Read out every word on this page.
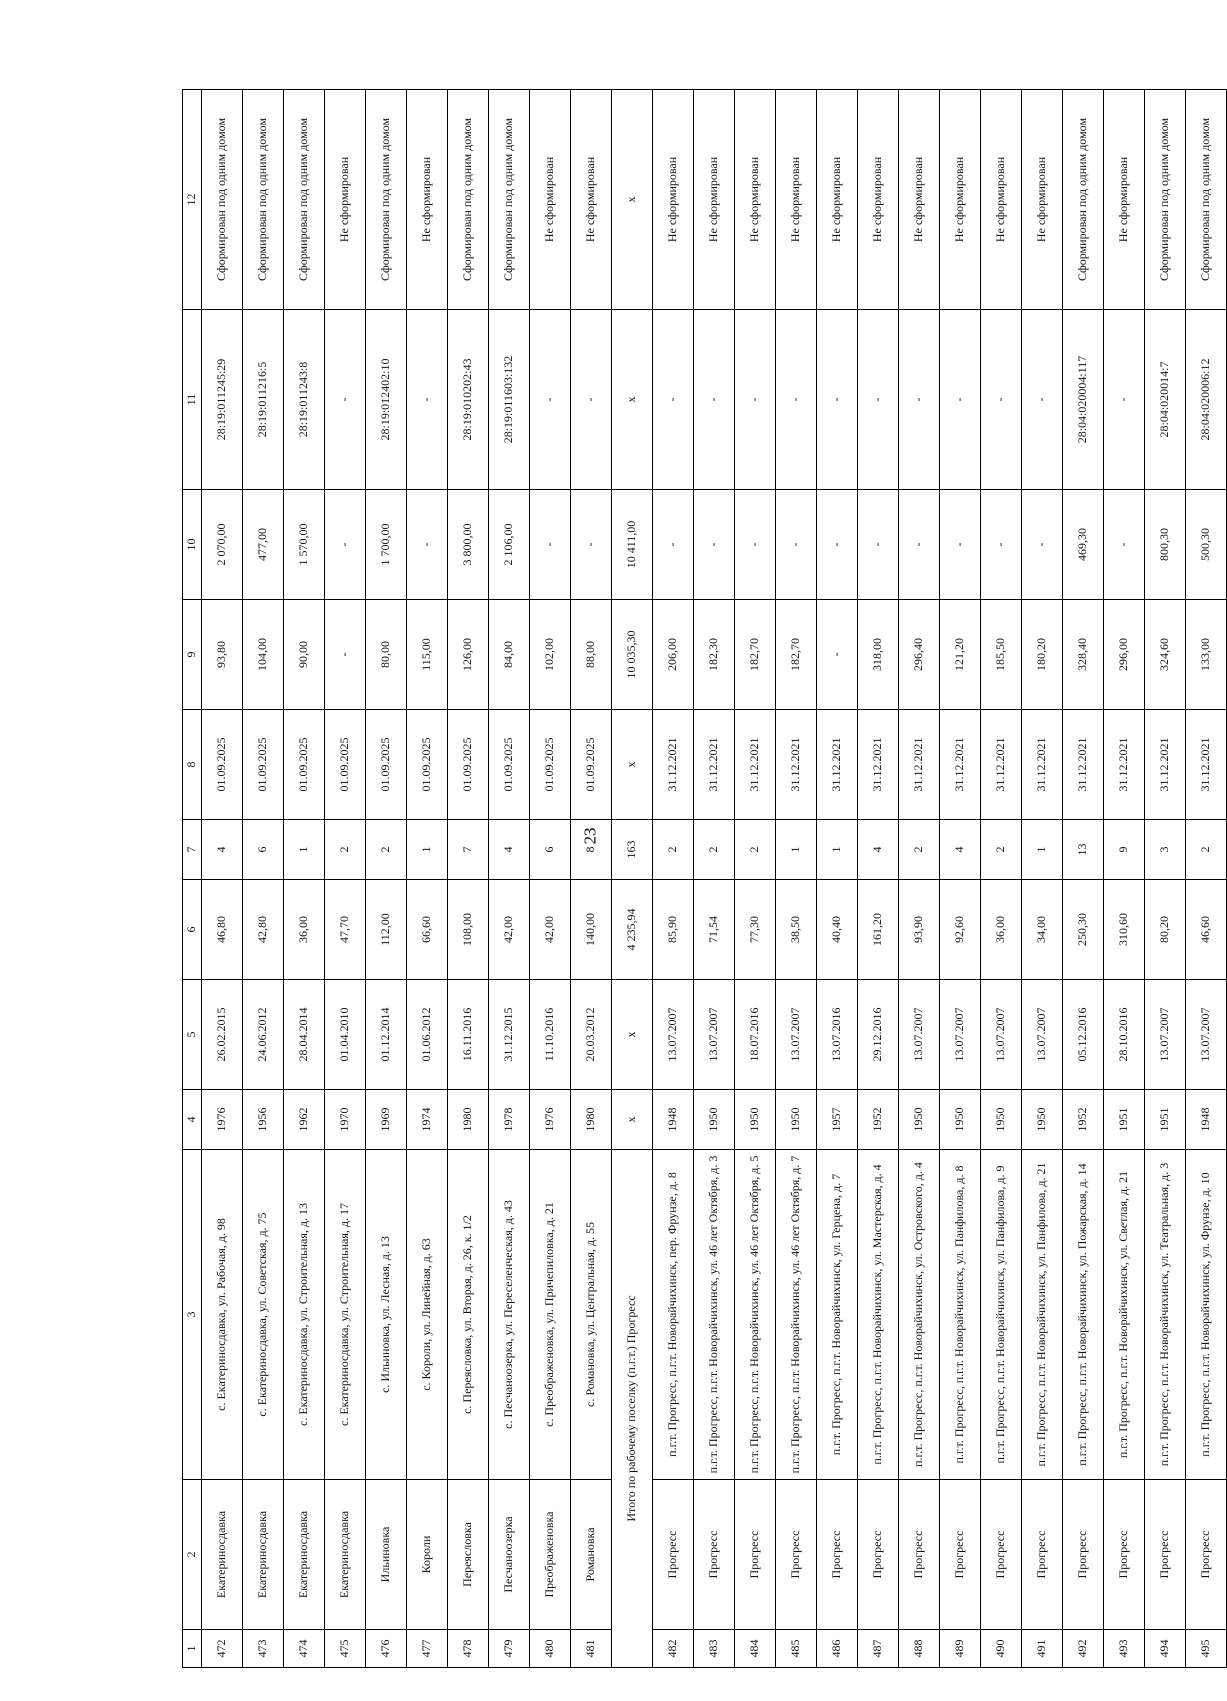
23
1	2	3	4	5	6	7	8	9	10	11	12
472	Екатериносдавка	с. Екатериносдавка, ул. Рабочая, д. 98	1976	26.02.2015	46,80	4	01.09.2025	93,80	2 070,00	28:19:011245:29	Сформирован под одним домом
473	Екатериносдавка	с. Екатериносдавка, ул. Советская, д. 75	1956	24.06.2012	42,80	6	01.09.2025	104,00	477,00	28:19:011216:5	Сформирован под одним домом
474	Екатериносдавка	с. Екатериносдавка, ул. Строительная, д. 13	1962	28.04.2014	36,00	1	01.09.2025	90,00	1 570,00	28:19:011243:8	Сформирован под одним домом
475	Екатериносдавка	с. Екатериносдавка, ул. Строительная, д. 17	1970	01.04.2010	47,70	2	01.09.2025	-	-	-	Не сформирован
476	Ильиновка	с. Ильиновка, ул. Лесная, д. 13	1969	01.12.2014	112,00	2	01.09.2025	80,00	1 700,00	28:19:012402:10	Сформирован под одним домом
477	Короли	с. Короли, ул. Линейная, д. 63	1974	01.06.2012	66,60	1	01.09.2025	115,00	-	-	Не сформирован
478	Переясловка	с. Переясловка, ул. Вторая, д. 26, к. 1/2	1980	16.11.2016	108,00	7	01.09.2025	126,00	3 800,00	28:19:010202:43	Сформирован под одним домом
479	Песчаноозерка	с. Песчаноозерка, ул. Переселенческая, д. 43	1978	31.12.2015	42,00	4	01.09.2025	84,00	2 106,00	28:19:011603:132	Сформирован под одним домом
480	Преображеновка	с. Преображеновка, ул. Причепиловка, д. 21	1976	11.10.2016	42,00	6	01.09.2025	102,00	-	-	Не сформирован
481	Романовка	с. Романовка, ул. Центральная, д. 55	1980	20.03.2012	140,00	8	01.09.2025	88,00	-	-	Не сформирован
Итого по рабочему поселку (п.г.т.) Прогресс			x	x	4 235,94	163	x	10 035,30	10 411,00	x	x
482	Прогресс	п.г.т. Прогресс, п.г.т. Новорайчихинск, пер. Фрунзе, д. 8	1948	13.07.2007	85,90	2	31.12.2021	206,00	-	-	Не сформирован
483	Прогресс	п.г.т. Прогресс, п.г.т. Новорайчихинск, ул. 46 лет Октября, д. 3	1950	13.07.2007	71,54	2	31.12.2021	182,30	-	-	Не сформирован
484	Прогресс	п.г.т. Прогресс, п.г.т. Новорайчихинск, ул. 46 лет Октября, д. 5	1950	18.07.2016	77,30	2	31.12.2021	182,70	-	-	Не сформирован
485	Прогресс	п.г.т. Прогресс, п.г.т. Новорайчихинск, ул. 46 лет Октября, д. 7	1950	13.07.2007	38,50	1	31.12.2021	182,70	-	-	Не сформирован
486	Прогресс	п.г.т. Прогресс, п.г.т. Новорайчихинск, ул. Герцена, д. 7	1957	13.07.2016	40,40	1	31.12.2021	-	-	-	Не сформирован
487	Прогресс	п.г.т. Прогресс, п.г.т. Новорайчихинск, ул. Мастерская, д. 4	1952	29.12.2016	161,20	4	31.12.2021	318,00	-	-	Не сформирован
488	Прогресс	п.г.т. Прогресс, п.г.т. Новорайчихинск, ул. Островского, д. 4	1950	13.07.2007	93,90	2	31.12.2021	296,40	-	-	Не сформирован
489	Прогресс	п.г.т. Прогресс, п.г.т. Новорайчихинск, ул. Панфилова, д. 8	1950	13.07.2007	92,60	4	31.12.2021	121,20	-	-	Не сформирован
490	Прогресс	п.г.т. Прогресс, п.г.т. Новорайчихинск, ул. Панфилова, д. 9	1950	13.07.2007	36,00	2	31.12.2021	185,50	-	-	Не сформирован
491	Прогресс	п.г.т. Прогресс, п.г.т. Новорайчихинск, ул. Панфилова, д. 21	1950	13.07.2007	34,00	1	31.12.2021	180,20	-	-	Не сформирован
492	Прогресс	п.г.т. Прогресс, п.г.т. Новорайчихинск, ул. Пожарская, д. 14	1952	05.12.2016	250,30	13	31.12.2021	328,40	469,30	28:04:020004:117	Сформирован под одним домом
493	Прогресс	п.г.т. Прогресс, п.г.т. Новорайчихинск, ул. Светлая, д. 21	1951	28.10.2016	310,60	9	31.12.2021	296,00	-	-	Не сформирован
494	Прогресс	п.г.т. Прогресс, п.г.т. Новорайчихинск, ул. Театральная, д. 3	1951	13.07.2007	80,20	3	31.12.2021	324,60	800,30	28:04:020014:7	Сформирован под одним домом
495	Прогресс	п.г.т. Прогресс, п.г.т. Новорайчихинск, ул. Фрунзе, д. 10	1948	13.07.2007	46,60	2	31.12.2021	133,00	500,30	28:04:020006:12	Сформирован под одним домом
